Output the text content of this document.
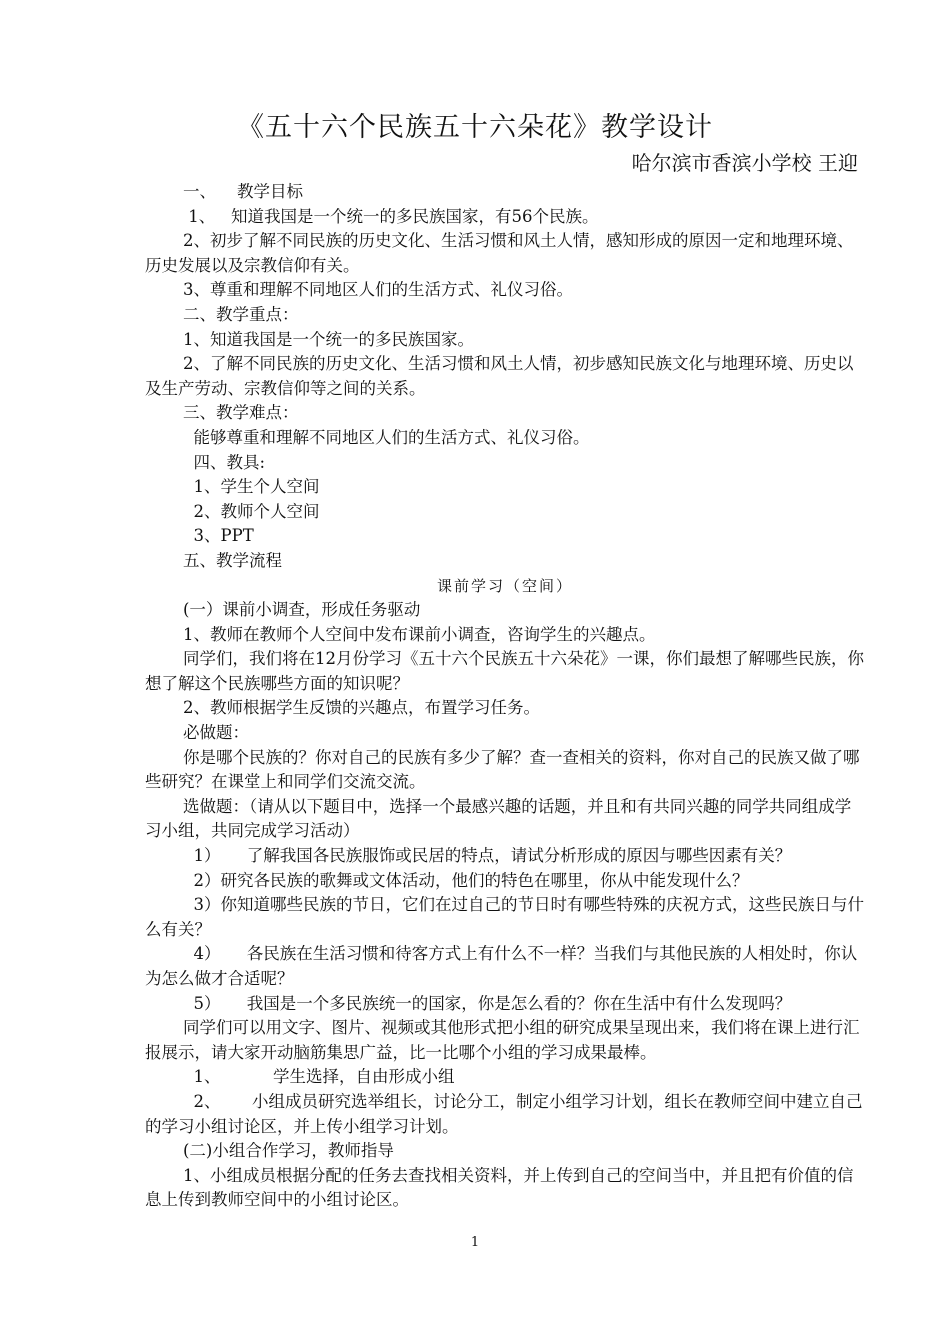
《五十六个民族五十六朵花》教学设计
哈尔滨市香滨小学校 王迎

一、    教学目标

1、   知道我国是一个统一的多民族国家，有56个民族。

2、初步了解不同民族的历史文化、生活习惯和风土人情，感知形成的原因一定和地理环境、历史发展以及宗教信仰有关。

3、尊重和理解不同地区人们的生活方式、礼仪习俗。

二、教学重点：

1、知道我国是一个统一的多民族国家。

2、了解不同民族的历史文化、生活习惯和风土人情，初步感知民族文化与地理环境、历史以及生产劳动、宗教信仰等之间的关系。

三、教学难点：

能够尊重和理解不同地区人们的生活方式、礼仪习俗。

四、教具:

1、学生个人空间

2、教师个人空间

3、PPT

五、教学流程

课前学习（空间）

(一）课前小调查，形成任务驱动

1、教师在教师个人空间中发布课前小调查，咨询学生的兴趣点。

同学们，我们将在12月份学习《五十六个民族五十六朵花》一课，你们最想了解哪些民族，你想了解这个民族哪些方面的知识呢？

2、教师根据学生反馈的兴趣点，布置学习任务。

必做题：

你是哪个民族的？你对自己的民族有多少了解？查一查相关的资料，你对自己的民族又做了哪些研究？在课堂上和同学们交流交流。

选做题：（请从以下题目中，选择一个最感兴趣的话题，并且和有共同兴趣的同学共同组成学习小组，共同完成学习活动）

1）     了解我国各民族服饰或民居的特点，请试分析形成的原因与哪些因素有关？

2）研究各民族的歌舞或文体活动，他们的特色在哪里，你从中能发现什么？

3）你知道哪些民族的节日，它们在过自己的节日时有哪些特殊的庆祝方式，这些民族日与什么有关？

4）     各民族在生活习惯和待客方式上有什么不一样？当我们与其他民族的人相处时，你认为怎么做才合适呢？

5）     我国是一个多民族统一的国家，你是怎么看的？你在生活中有什么发现吗？

同学们可以用文字、图片、视频或其他形式把小组的研究成果呈现出来，我们将在课上进行汇报展示，请大家开动脑筋集思广益，比一比哪个小组的学习成果最棒。

1、          学生选择，自由形成小组

2、      小组成员研究选举组长，讨论分工，制定小组学习计划，组长在教师空间中建立自己的学习小组讨论区，并上传小组学习计划。

(二)小组合作学习，教师指导

1、小组成员根据分配的任务去查找相关资料，并上传到自己的空间当中，并且把有价值的信息上传到教师空间中的小组讨论区。

1
